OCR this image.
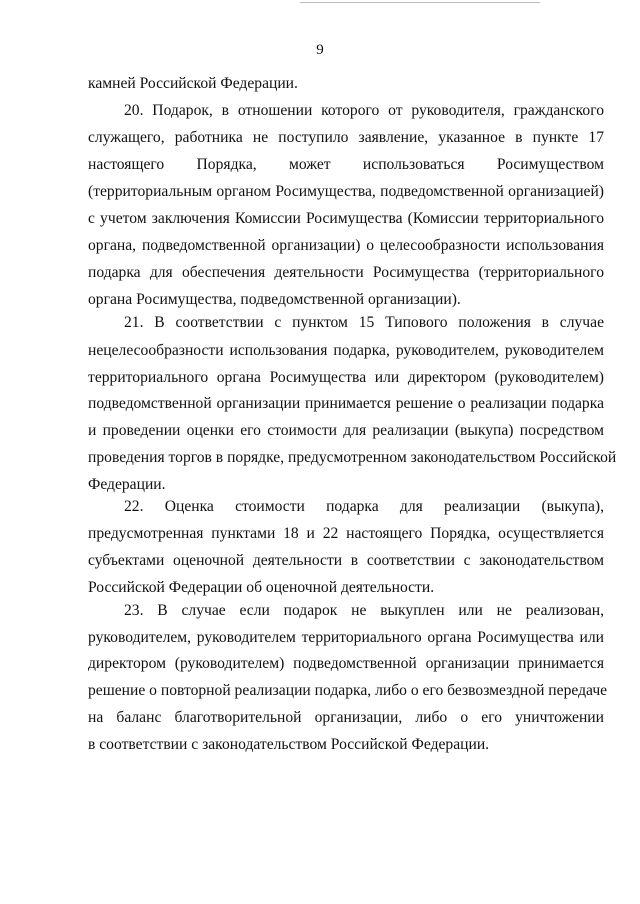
9
камней Российской Федерации.
20. Подарок, в отношении которого от руководителя, гражданского
служащего, работника не поступило заявление, указанное в пункте 17
настоящего Порядка, может использоваться Росимуществом
(территориальным органом Росимущества, подведомственной организацией)
с учетом заключения Комиссии Росимущества (Комиссии территориального
органа, подведомственной организации) о целесообразности использования
подарка для обеспечения деятельности Росимущества (территориального
органа Росимущества, подведомственной организации).
21. В соответствии с пунктом 15 Типового положения в случае
нецелесообразности использования подарка, руководителем, руководителем
территориального органа Росимущества или директором (руководителем)
подведомственной организации принимается решение о реализации подарка
и проведении оценки его стоимости для реализации (выкупа) посредством
проведения торгов в порядке, предусмотренном законодательством Российской
Федерации.
22. Оценка стоимости подарка для реализации (выкупа),
предусмотренная пунктами 18 и 22 настоящего Порядка, осуществляется
субъектами оценочной деятельности в соответствии с законодательством
Российской Федерации об оценочной деятельности.
23. В случае если подарок не выкуплен или не реализован,
руководителем, руководителем территориального органа Росимущества или
директором (руководителем) подведомственной организации принимается
решение о повторной реализации подарка, либо о его безвозмездной передаче
на баланс благотворительной организации, либо о его уничтожении
в соответствии с законодательством Российской Федерации.
